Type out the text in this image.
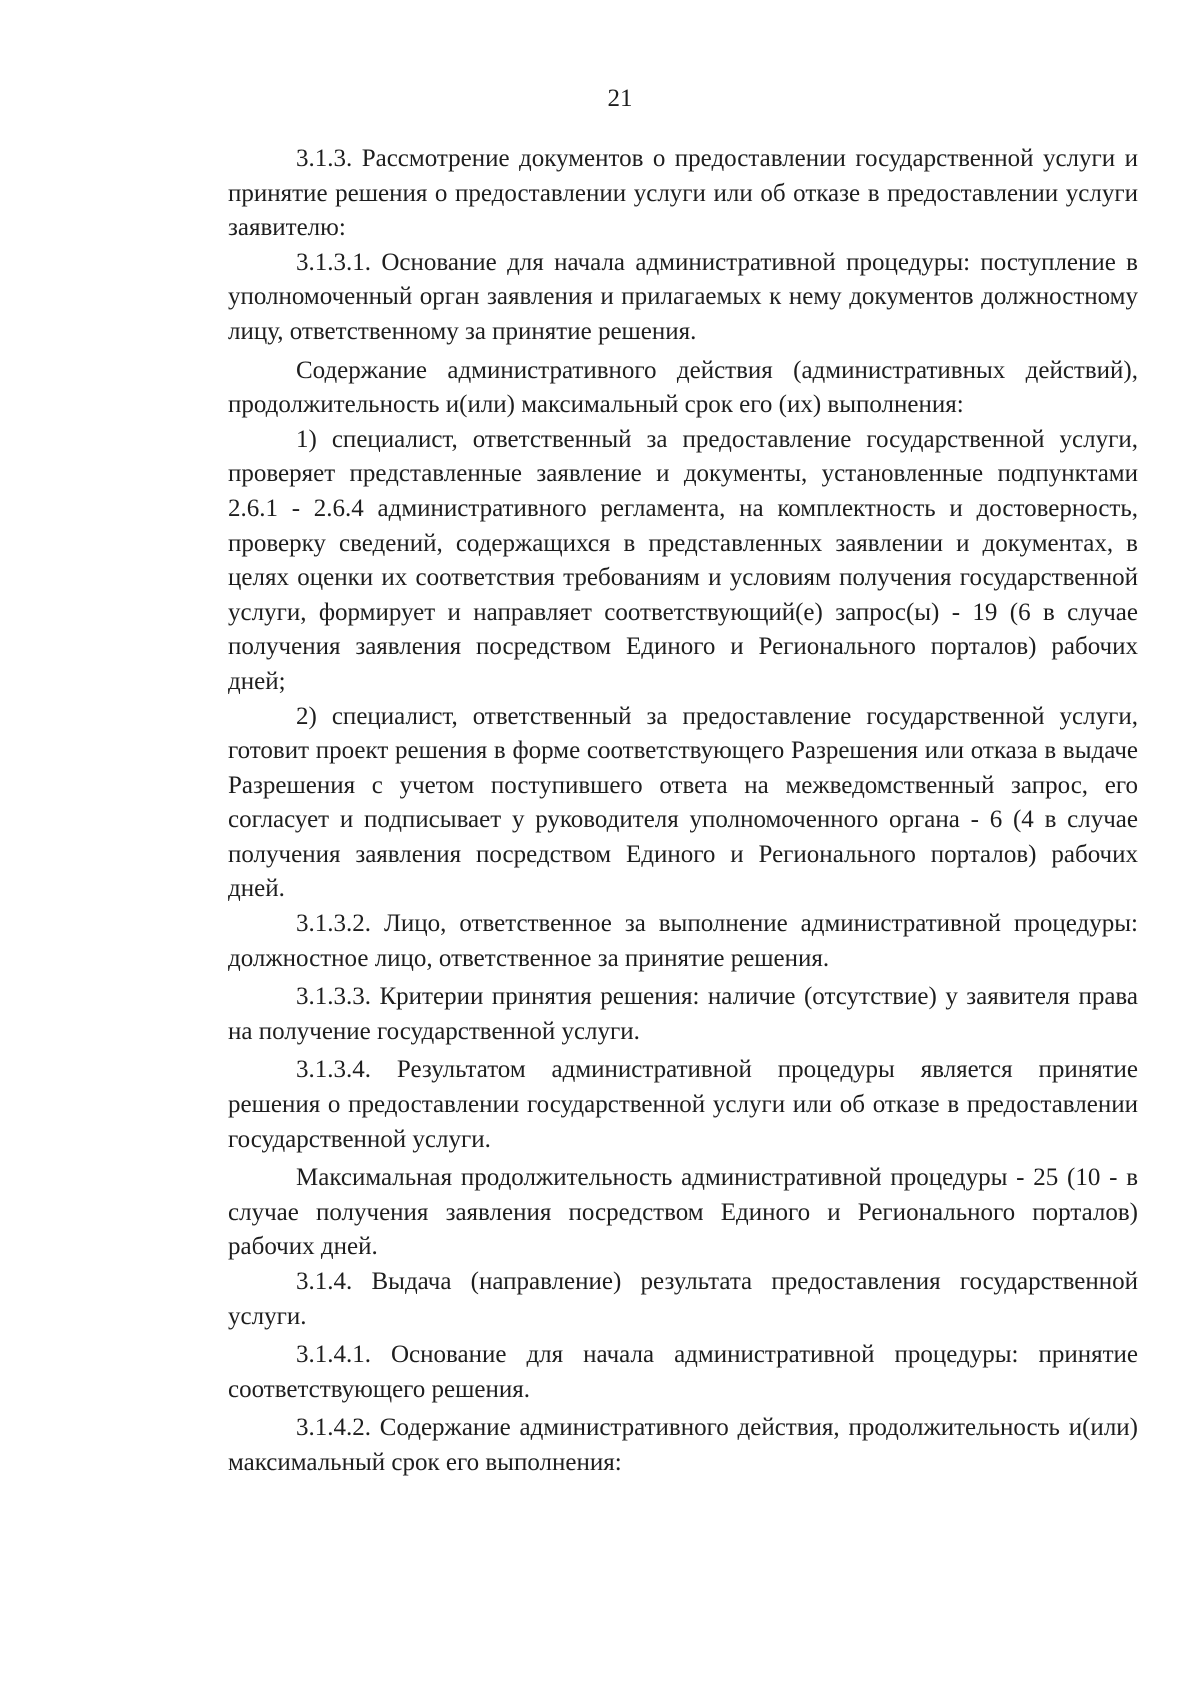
21

3.1.3. Рассмотрение документов о предоставлении государственной услуги и принятие решения о предоставлении услуги или об отказе в предоставлении услуги заявителю:

3.1.3.1. Основание для начала административной процедуры: поступление в уполномоченный орган заявления и прилагаемых к нему документов должностному лицу, ответственному за принятие решения.

Содержание административного действия (административных действий), продолжительность и(или) максимальный срок его (их) выполнения:

1) специалист, ответственный за предоставление государственной услуги, проверяет представленные заявление и документы, установленные подпунктами 2.6.1 - 2.6.4 административного регламента, на комплектность и достоверность, проверку сведений, содержащихся в представленных заявлении и документах, в целях оценки их соответствия требованиям и условиям получения государственной услуги, формирует и направляет соответствующий(е) запрос(ы) - 19 (6 в случае получения заявления посредством Единого и Регионального порталов) рабочих дней;

2) специалист, ответственный за предоставление государственной услуги, готовит проект решения в форме соответствующего Разрешения или отказа в выдаче Разрешения с учетом поступившего ответа на межведомственный запрос, его согласует и подписывает у руководителя уполномоченного органа - 6 (4 в случае получения заявления посредством Единого и Регионального порталов) рабочих дней.

3.1.3.2. Лицо, ответственное за выполнение административной процедуры: должностное лицо, ответственное за принятие решения.

3.1.3.3. Критерии принятия решения: наличие (отсутствие) у заявителя права на получение государственной услуги.

3.1.3.4. Результатом административной процедуры является принятие решения о предоставлении государственной услуги или об отказе в предоставлении государственной услуги.

Максимальная продолжительность административной процедуры - 25 (10 - в случае получения заявления посредством Единого и Регионального порталов) рабочих дней.

3.1.4. Выдача (направление) результата предоставления государственной услуги.

3.1.4.1. Основание для начала административной процедуры: принятие соответствующего решения.

3.1.4.2. Содержание административного действия, продолжительность и(или) максимальный срок его выполнения:
